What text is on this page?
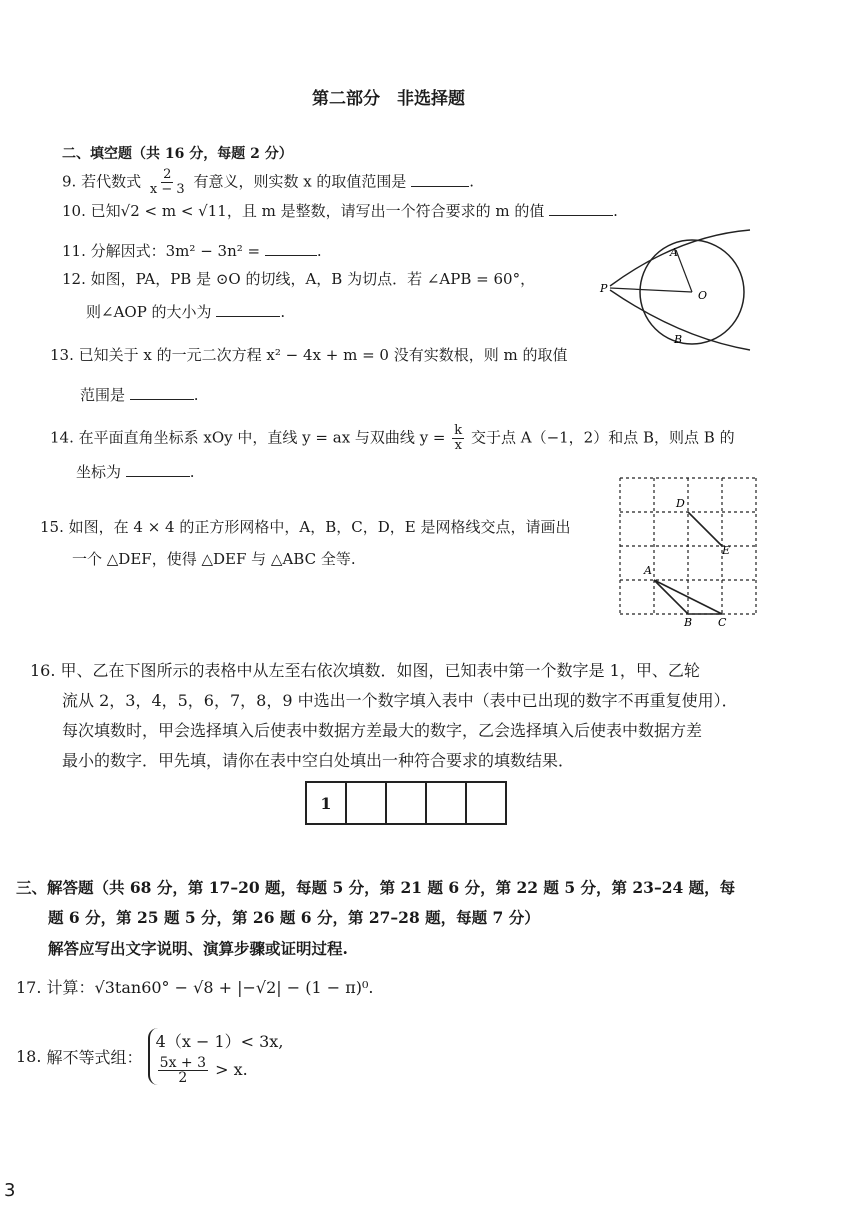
第二部分　非选择题
二、填空题（共 16 分，每题 2 分）
9. 若代数式 $\frac{2}{x - 3}$ 有意义，则实数 x 的取值范围是	.
10. 已知√2 < m < √11，且 m 是整数，请写出一个符合要求的 m 的值	.
11. 分解因式：3m² − 3n² =	.
12. 如图，PA，PB 是 ⊙O 的切线，A，B 为切点．若 ∠APB = 60°，
则∠AOP 的大小为	.
P
A
B
O
13. 已知关于 x 的一元二次方程 x² − 4x + m = 0 没有实数根，则 m 的取值
范围是	.
14. 在平面直角坐标系 xOy 中，直线 y = ax 与双曲线 $y = \frac{k}{x}$ 交于点 A（−1，2）和点 B，则点 B 的
坐标为	.
15. 如图，在 4 × 4 的正方形网格中，A，B，C，D，E 是网格线交点，请画出
一个 △DEF，使得 △DEF 与 △ABC 全等.
D
E
A
B C
16. 甲、乙在下图所示的表格中从左至右依次填数．如图，已知表中第一个数字是 1，甲、乙轮
流从 2，3，4，5，6，7，8，9 中选出一个数字填入表中（表中已出现的数字不再重复使用）．
每次填数时，甲会选择填入后使表中数据方差最大的数字，乙会选择填入后使表中数据方差
最小的数字．甲先填，请你在表中空白处填出一种符合要求的填数结果．
1				
三、解答题（共 68 分，第 17–20 题，每题 5 分，第 21 题 6 分，第 22 题 5 分，第 23–24 题，每
题 6 分，第 25 题 5 分，第 26 题 6 分，第 27–28 题，每题 7 分）
解答应写出文字说明、演算步骤或证明过程.
17. 计算：√3tan60° − √8 + |−√2| − (1 − π)⁰.
18. 解不等式组：
4（x − 1）< 3x,
$\frac{5x + 3}{2} > x$.
3
